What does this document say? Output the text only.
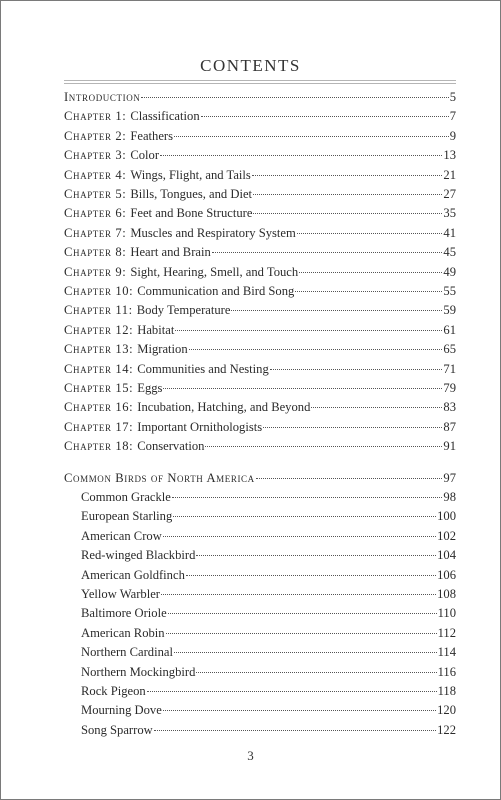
CONTENTS
Introduction	5
Chapter 1: Classification	7
Chapter 2: Feathers	9
Chapter 3: Color	13
Chapter 4: Wings, Flight, and Tails	21
Chapter 5: Bills, Tongues, and Diet	27
Chapter 6: Feet and Bone Structure	35
Chapter 7: Muscles and Respiratory System	41
Chapter 8: Heart and Brain	45
Chapter 9: Sight, Hearing, Smell, and Touch	49
Chapter 10: Communication and Bird Song	55
Chapter 11: Body Temperature	59
Chapter 12: Habitat	61
Chapter 13: Migration	65
Chapter 14: Communities and Nesting	71
Chapter 15: Eggs	79
Chapter 16: Incubation, Hatching, and Beyond	83
Chapter 17: Important Ornithologists	87
Chapter 18: Conservation	91
Common Birds of North America	97
Common Grackle	98
European Starling	100
American Crow	102
Red-winged Blackbird	104
American Goldfinch	106
Yellow Warbler	108
Baltimore Oriole	110
American Robin	112
Northern Cardinal	114
Northern Mockingbird	116
Rock Pigeon	118
Mourning Dove	120
Song Sparrow	122
3
